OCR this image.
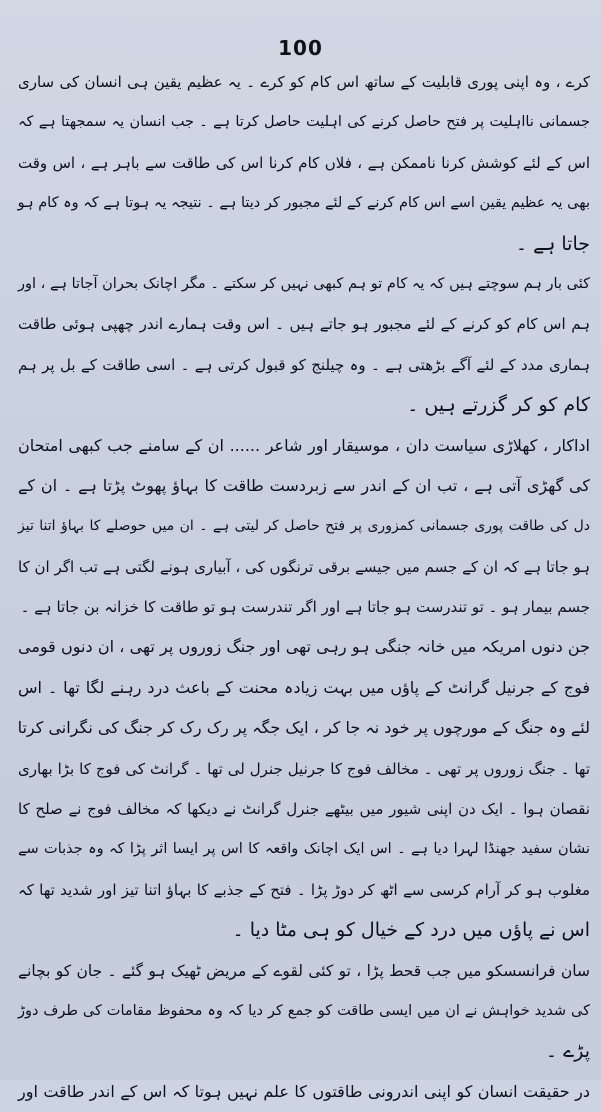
100
کرے ، وہ اپنی پوری قابلیت کے ساتھ اس کام کو کرے ۔ یہ عظیم یقین ہی انسان کی ساری
جسمانی نااہلیت پر فتح حاصل کرنے کی اہلیت حاصل کرتا ہے ۔ جب انسان یہ سمجھتا ہے کہ
اس کے لئے کوشش کرنا ناممکن ہے ، فلاں کام کرنا اس کی طاقت سے باہر ہے ، اس وقت
بھی یہ عظیم یقین اسے اس کام کرنے کے لئے مجبور کر دیتا ہے ۔ نتیجہ یہ ہوتا ہے کہ وہ کام ہو
جاتا ہے ۔
کئی بار ہم سوچتے ہیں کہ یہ کام تو ہم کبھی نہیں کر سکتے ۔ مگر اچانک بحران آجاتا ہے ، اور
ہم اس کام کو کرنے کے لئے مجبور ہو جاتے ہیں ۔ اس وقت ہمارے اندر چھپی ہوئی طاقت
ہماری مدد کے لئے آگے بڑھتی ہے ۔ وہ چیلنج کو قبول کرتی ہے ۔ اسی طاقت کے بل پر ہم
کام کو کر گزرتے ہیں ۔
اداکار ، کھلاڑی سیاست دان ، موسیقار اور شاعر ...... ان کے سامنے جب کبھی امتحان
کی گھڑی آتی ہے ، تب ان کے اندر سے زبردست طاقت کا بہاؤ پھوٹ پڑتا ہے ۔ ان کے
دل کی طاقت پوری جسمانی کمزوری پر فتح حاصل کر لیتی ہے ۔ ان میں حوصلے کا بہاؤ اتنا تیز
ہو جاتا ہے کہ ان کے جسم میں جیسے برقی ترنگوں کی ، آبیاری ہونے لگتی ہے تب اگر ان کا
جسم بیمار ہو ۔ تو تندرست ہو جاتا ہے اور اگر تندرست ہو تو طاقت کا خزانہ بن جاتا ہے ۔
جن دنوں امریکہ میں خانہ جنگی ہو رہی تھی اور جنگ زوروں پر تھی ، ان دنوں قومی
فوج کے جرنیل گرانٹ کے پاؤں میں بہت زیادہ محنت کے باعث درد رہنے لگا تھا ۔ اس
لئے وہ جنگ کے مورچوں پر خود نہ جا کر ، ایک جگہ پر رک رک کر جنگ کی نگرانی کرتا
تھا ۔ جنگ زوروں پر تھی ۔ مخالف فوج کا جرنیل جنرل لی تھا ۔ گرانٹ کی فوج کا بڑا بھاری
نقصان ہوا ۔ ایک دن اپنی شیور میں بیٹھے جنرل گرانٹ نے دیکھا کہ مخالف فوج نے صلح کا
نشان سفید جھنڈا لہرا دیا ہے ۔ اس ایک اچانک واقعہ کا اس پر ایسا اثر پڑا کہ وہ جذبات سے
مغلوب ہو کر آرام کرسی سے اٹھ کر دوڑ پڑا ۔ فتح کے جذبے کا بہاؤ اتنا تیز اور شدید تھا کہ
اس نے پاؤں میں درد کے خیال کو ہی مٹا دیا ۔
سان فرانسسکو میں جب قحط پڑا ، تو کئی لقوے کے مریض ٹھیک ہو گئے ۔ جان کو بچانے
کی شدید خواہش نے ان میں ایسی طاقت کو جمع کر دیا کہ وہ محفوظ مقامات کی طرف دوڑ
پڑے ۔
در حقیقت انسان کو اپنی اندرونی طاقتوں کا علم نہیں ہوتا کہ اس کے اندر طاقت اور
